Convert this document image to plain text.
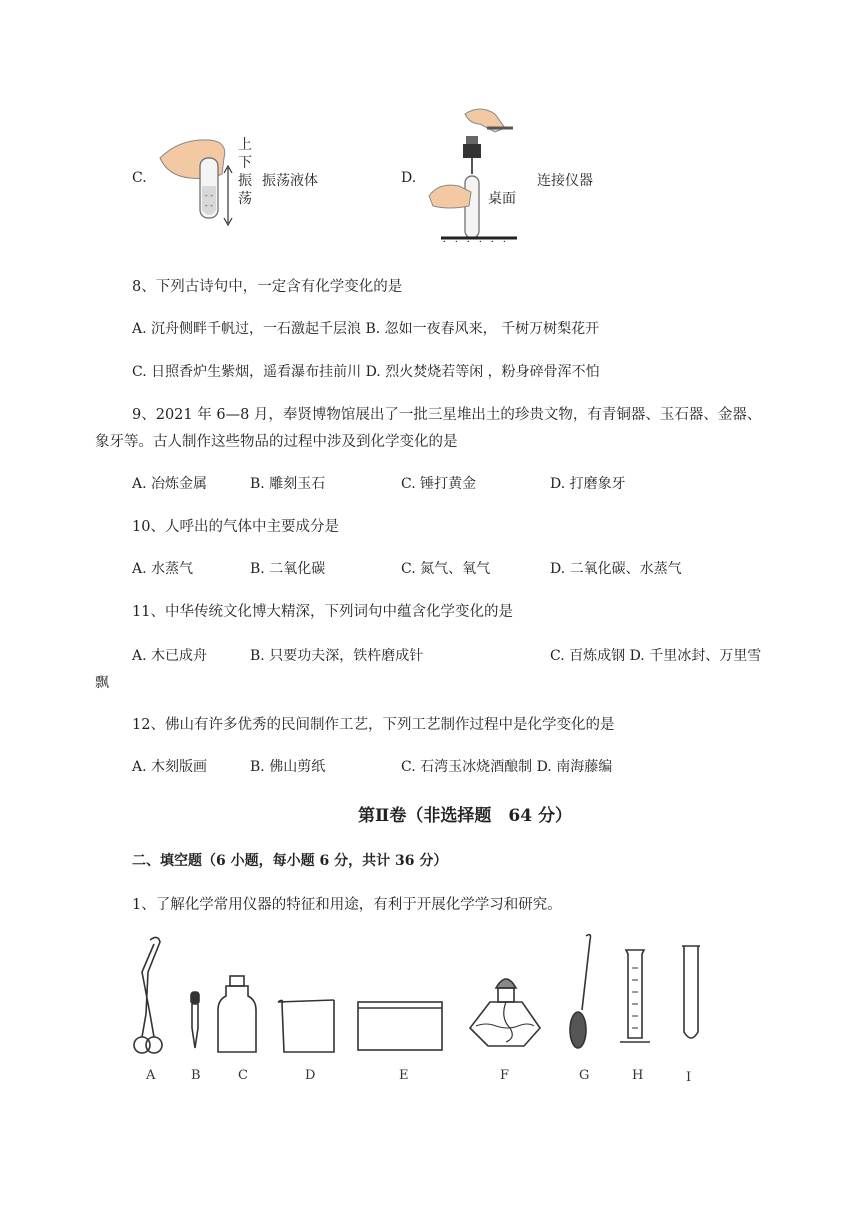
C.
- -
- -
上
下
振
荡
振荡液体	D.
桌面
连接仪器
8、下列古诗句中，一定含有化学变化的是
A. 沉舟侧畔千帆过，一石激起千层浪 B. 忽如一夜春风来， 千树万树梨花开
C. 日照香炉生紫烟，遥看瀑布挂前川 D. 烈火焚烧若等闲 ，粉身碎骨浑不怕
9、2021 年 6—8 月，奉贤博物馆展出了一批三星堆出土的珍贵文物，有青铜器、玉石器、金器、
象牙等。古人制作这些物品的过程中涉及到化学变化的是
A. 冶炼金属	B. 雕刻玉石	C. 锤打黄金	D. 打磨象牙
10、人呼出的气体中主要成分是
A. 水蒸气	B. 二氧化碳	C. 氮气、氧气	D. 二氧化碳、水蒸气
11、中华传统文化博大精深，下列词句中蕴含化学变化的是
A. 木已成舟	B. 只要功夫深，铁杵磨成针	C. 百炼成钢 D. 千里冰封、万里雪
飘
12、佛山有许多优秀的民间制作工艺，下列工艺制作过程中是化学变化的是
A. 木刻版画	B. 佛山剪纸	C. 石湾玉冰烧酒酿制 D. 南海藤编
第Ⅱ卷（非选择题　64 分）
二、填空题（6 小题，每小题 6 分，共计 36 分）
1、了解化学常用仪器的特征和用途，有利于开展化学学习和研究。
A	B	C	D	E	F	G	H	I
